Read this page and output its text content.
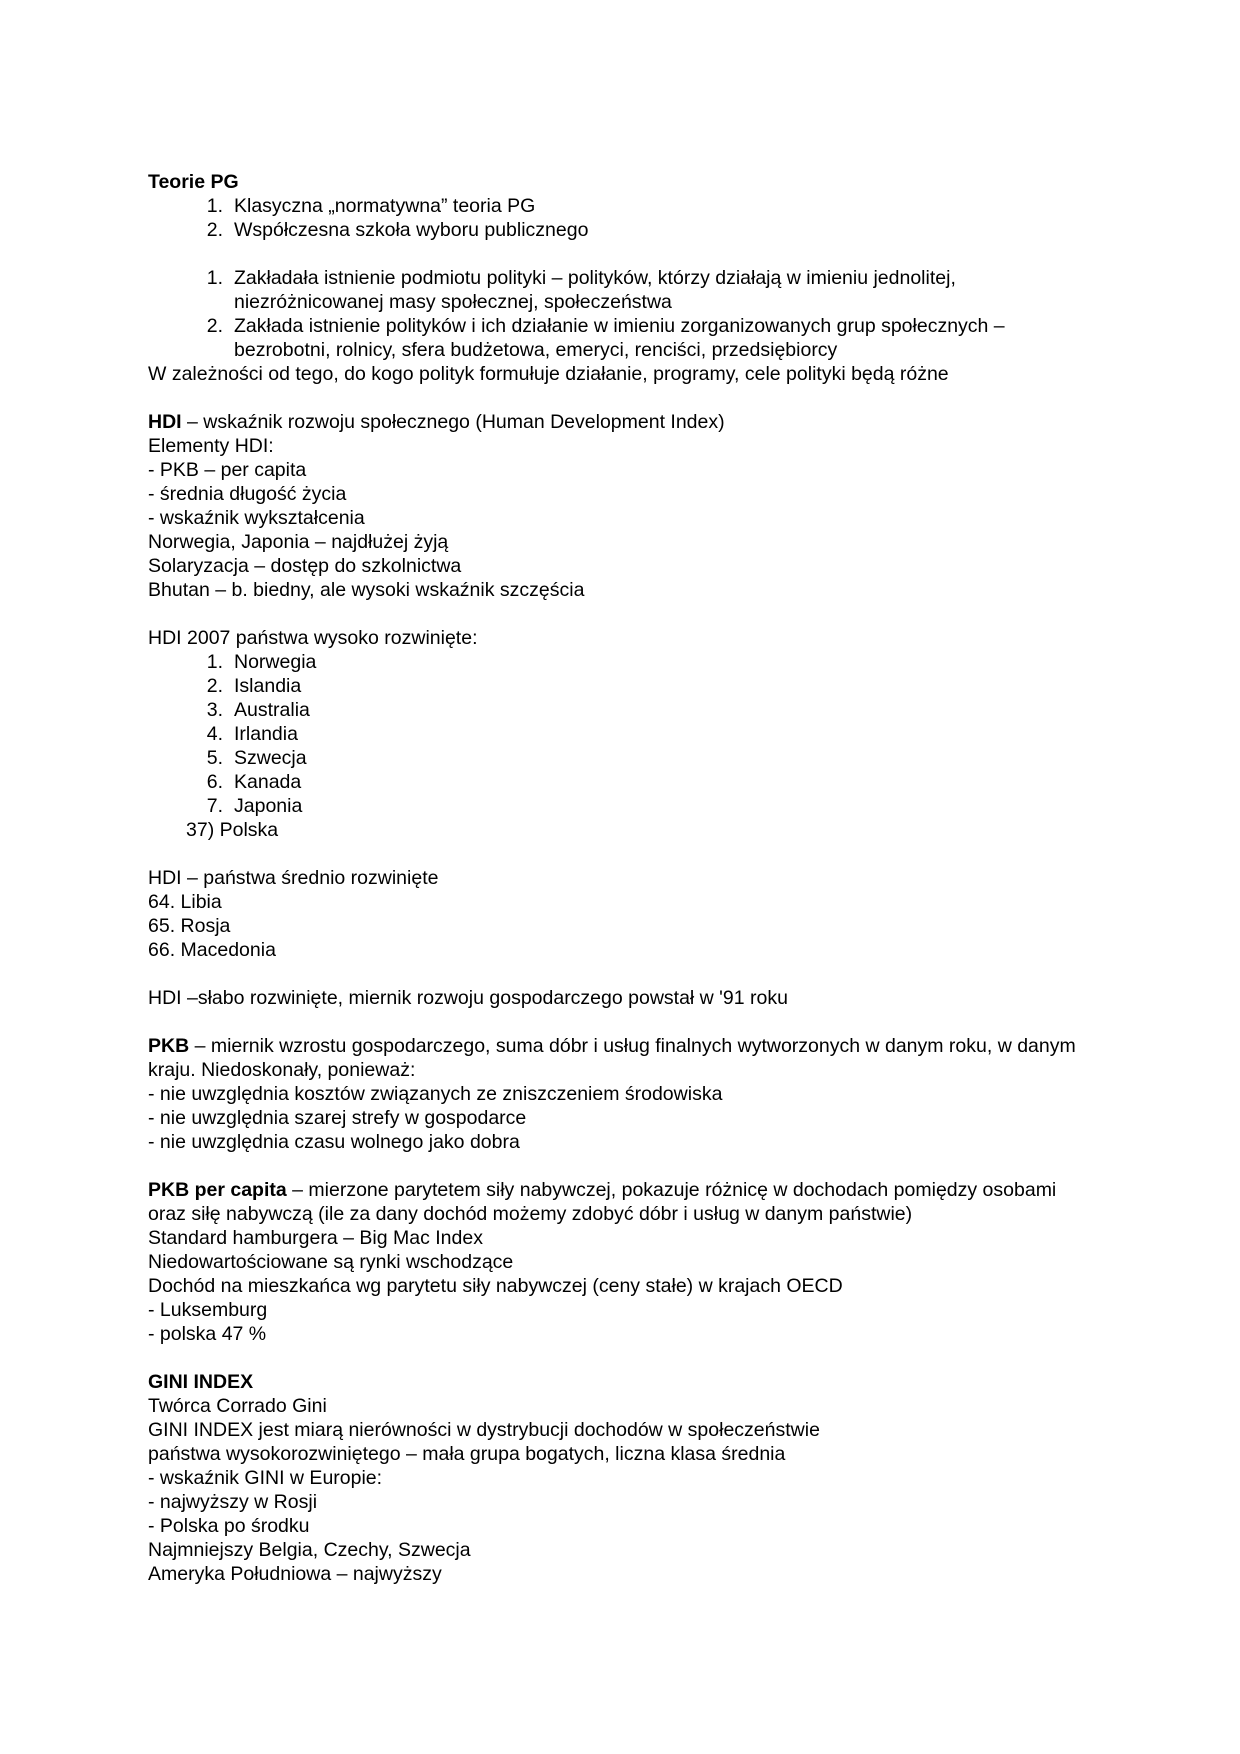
Teorie PG
1. Klasyczna „normatywna” teoria PG
2. Współczesna szkoła wyboru publicznego
1. Zakładała istnienie podmiotu polityki – polityków, którzy działają w imieniu jednolitej, niezróżnicowanej masy społecznej, społeczeństwa
2. Zakłada istnienie polityków i ich działanie w imieniu zorganizowanych grup społecznych – bezrobotni, rolnicy, sfera budżetowa, emeryci, renciści, przedsiębiorcy
W zależności od tego, do kogo polityk formułuje działanie, programy, cele polityki będą różne
HDI – wskaźnik rozwoju społecznego (Human Development Index)
Elementy HDI:
- PKB – per capita
- średnia długość życia
- wskaźnik wykształcenia
Norwegia, Japonia – najdłużej żyją
Solaryzacja – dostęp do szkolnictwa
Bhutan – b. biedny, ale wysoki wskaźnik szczęścia
HDI 2007 państwa wysoko rozwinięte:
1. Norwegia
2. Islandia
3. Australia
4. Irlandia
5. Szwecja
6. Kanada
7. Japonia
37) Polska
HDI – państwa średnio rozwinięte
64. Libia
65. Rosja
66. Macedonia
HDI –słabo rozwinięte, miernik rozwoju gospodarczego powstał w '91 roku
PKB – miernik wzrostu gospodarczego, suma dóbr i usług finalnych wytworzonych w danym roku, w danym kraju. Niedoskonały, ponieważ:
- nie uwzględnia kosztów związanych ze zniszczeniem środowiska
- nie uwzględnia szarej strefy w gospodarce
- nie uwzględnia czasu wolnego jako dobra
PKB per capita – mierzone parytetem siły nabywczej, pokazuje różnicę w dochodach pomiędzy osobami oraz siłę nabywczą (ile za dany dochód możemy zdobyć dóbr i usług w danym państwie)
Standard hamburgera – Big Mac Index
Niedowartościowane są rynki wschodzące
Dochód na mieszkańca wg parytetu siły nabywczej (ceny stałe) w krajach OECD
- Luksemburg
- polska 47 %
GINI INDEX
Twórca Corrado Gini
GINI INDEX jest miarą nierówności w dystrybucji dochodów w społeczeństwie
państwa wysokorozwiniętego – mała grupa bogatych, liczna klasa średnia
- wskaźnik GINI w Europie:
- najwyższy w Rosji
- Polska po środku
Najmniejszy Belgia, Czechy, Szwecja
Ameryka Południowa – najwyższy
